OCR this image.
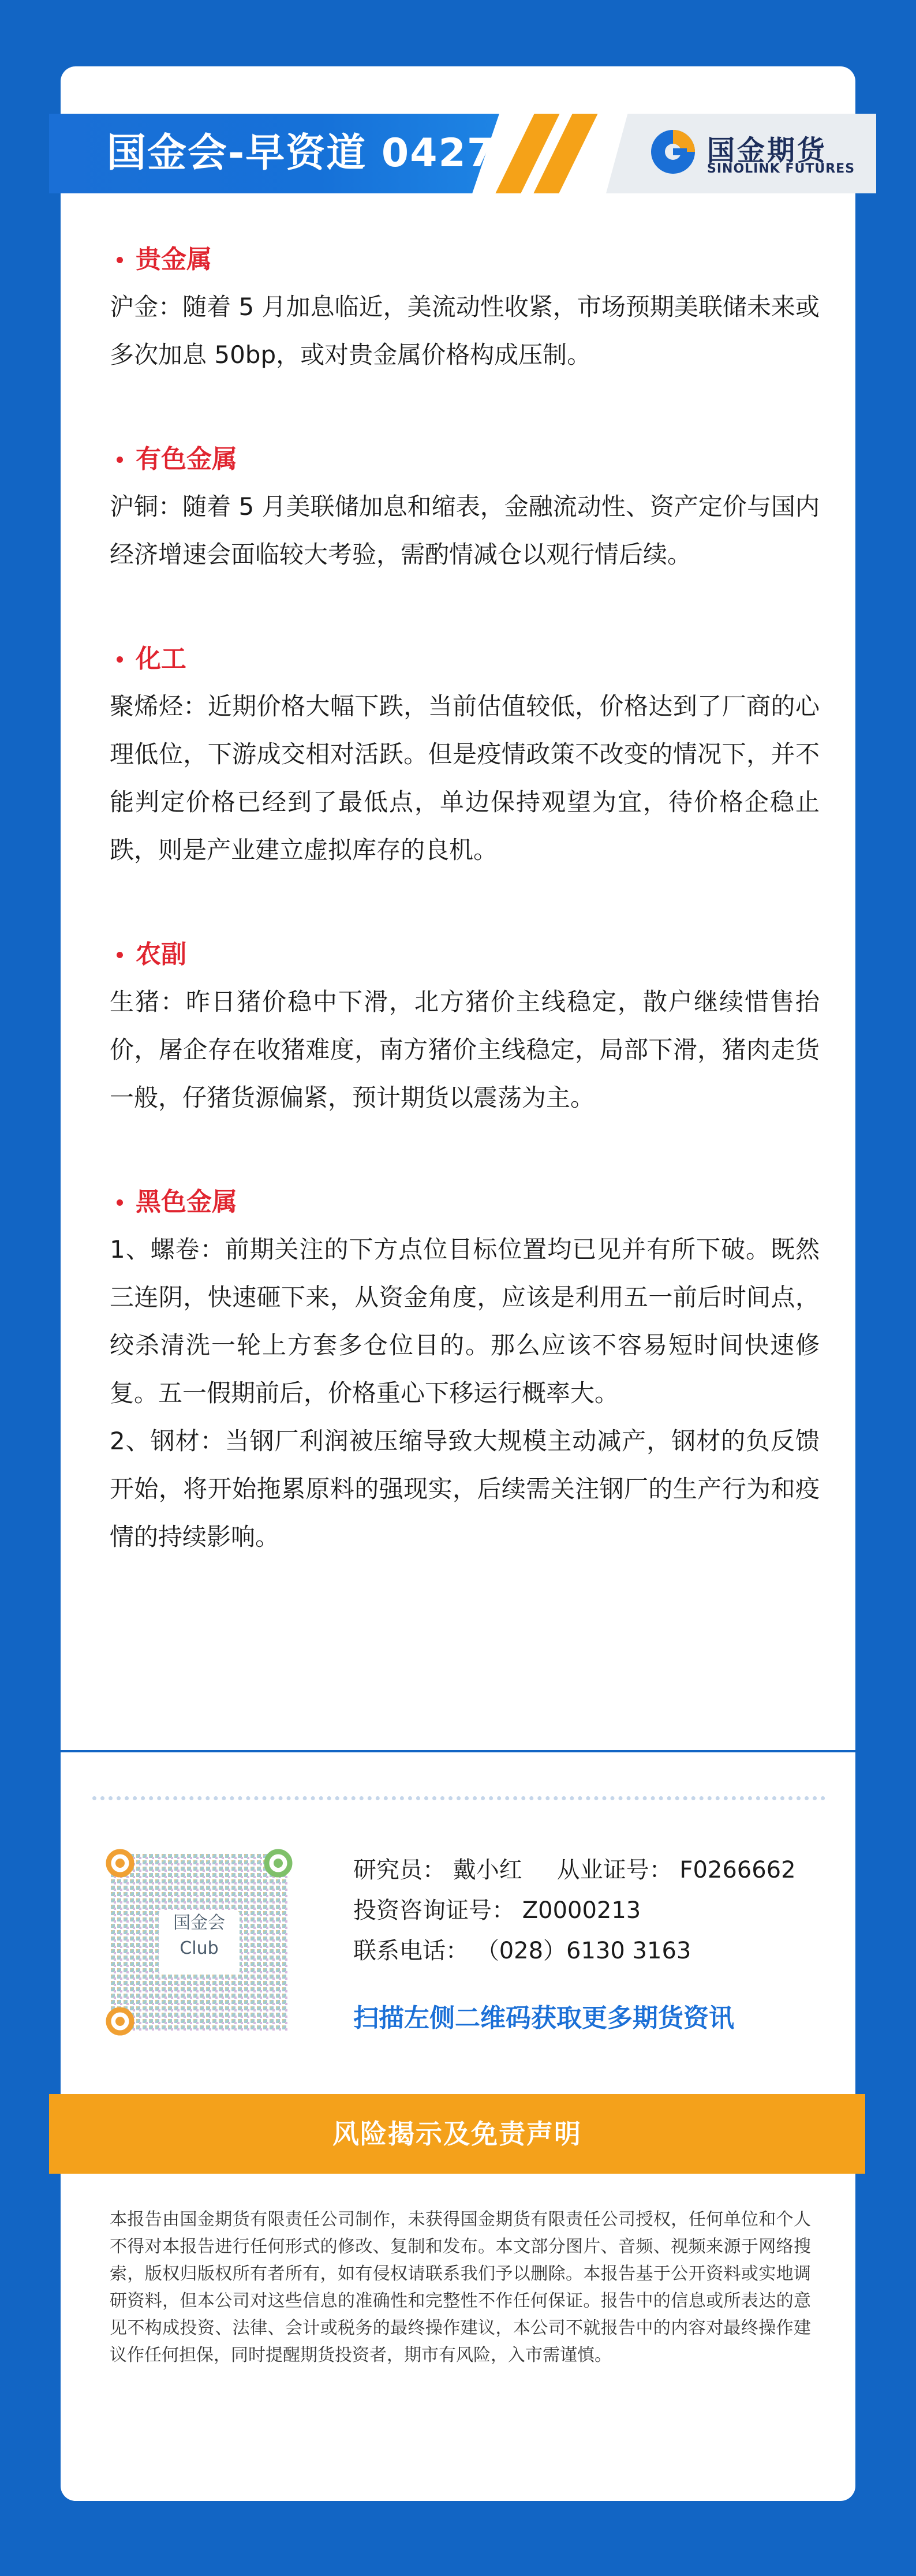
国金会-早资道 0427	国金期货
SINOLINK FUTURES
贵金属

沪金：随着 5 月加息临近，美流动性收紧，市场预期美联储未来或多次加息 50bp，或对贵金属价格构成压制。

有色金属

沪铜：随着 5 月美联储加息和缩表，金融流动性、资产定价与国内经济增速会面临较大考验，需酌情减仓以观行情后续。

化工

聚烯烃：近期价格大幅下跌，当前估值较低，价格达到了厂商的心理低位，下游成交相对活跃。但是疫情政策不改变的情况下，并不能判定价格已经到了最低点，单边保持观望为宜，待价格企稳止跌，则是产业建立虚拟库存的良机。

农副

生猪：昨日猪价稳中下滑，北方猪价主线稳定，散户继续惜售抬价，屠企存在收猪难度，南方猪价主线稳定，局部下滑，猪肉走货一般，仔猪货源偏紧，预计期货以震荡为主。

黑色金属

1、螺卷：前期关注的下方点位目标位置均已见并有所下破。既然三连阴，快速砸下来，从资金角度，应该是利用五一前后时间点，绞杀清洗一轮上方套多仓位目的。那么应该不容易短时间快速修复。五一假期前后，价格重心下移运行概率大。

2、钢材：当钢厂利润被压缩导致大规模主动减产，钢材的负反馈开始，将开始拖累原料的强现实，后续需关注钢厂的生产行为和疫情的持续影响。

国金会
Club
研究员： 戴小红 从业证号： F0266662
投资咨询证号： Z0000213
联系电话： （028）6130 3163
扫描左侧二维码获取更多期货资讯
风险揭示及免责声明
本报告由国金期货有限责任公司制作，未获得国金期货有限责任公司授权，任何单位和个人不得对本报告进行任何形式的修改、复制和发布。本文部分图片、音频、视频来源于网络搜索，版权归版权所有者所有，如有侵权请联系我们予以删除。本报告基于公开资料或实地调研资料，但本公司对这些信息的准确性和完整性不作任何保证。报告中的信息或所表达的意见不构成投资、法律、会计或税务的最终操作建议，本公司不就报告中的内容对最终操作建议作任何担保，同时提醒期货投资者，期市有风险，入市需谨慎。
